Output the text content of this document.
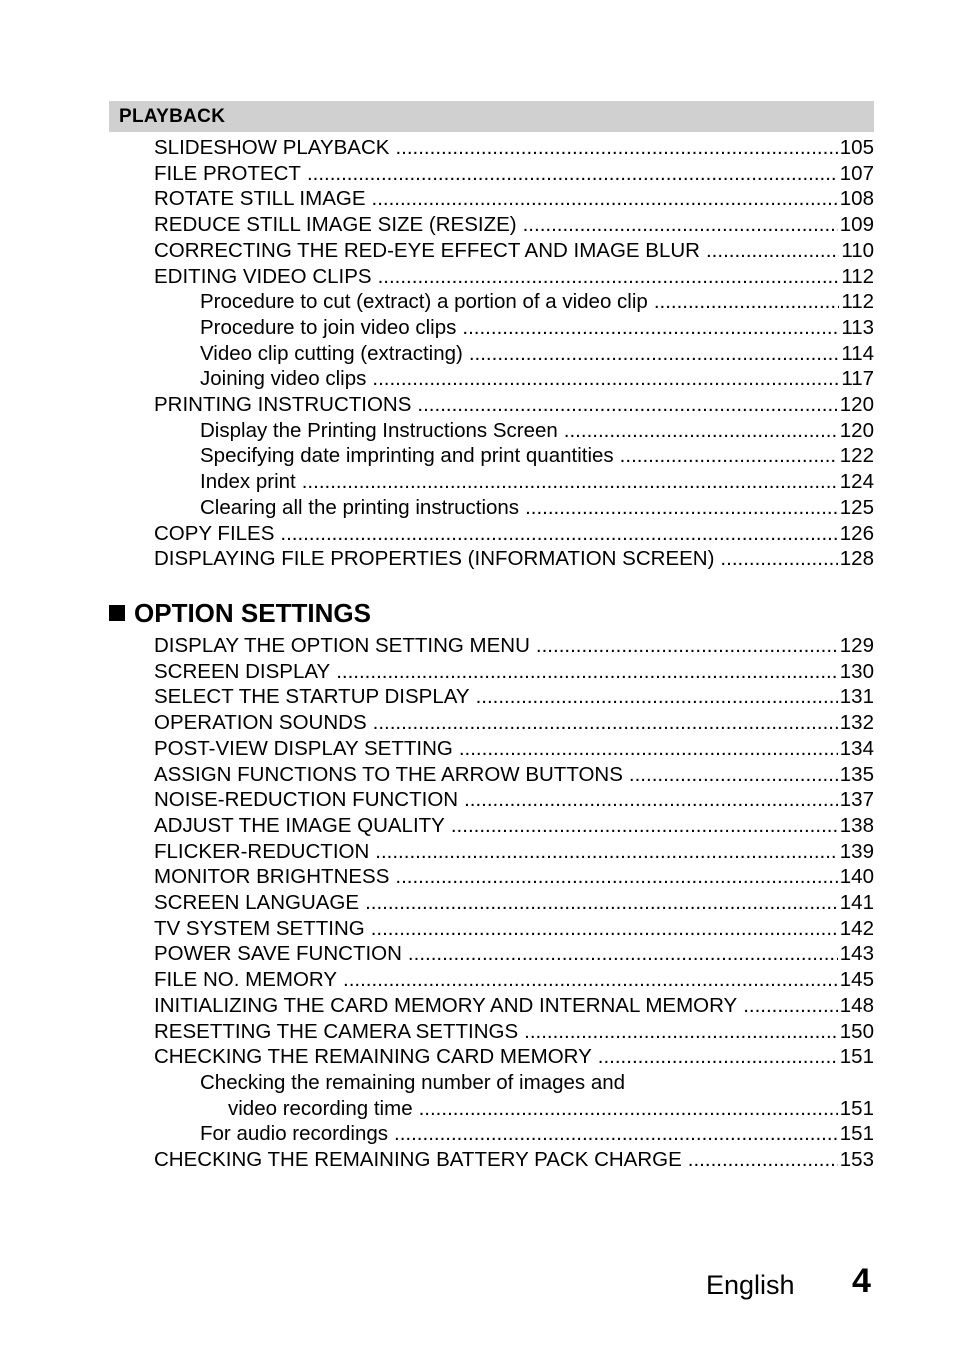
PLAYBACK
SLIDESHOW PLAYBACK .....	105
FILE PROTECT .....	107
ROTATE STILL IMAGE .....	108
REDUCE STILL IMAGE SIZE (RESIZE) .....	109
CORRECTING THE RED-EYE EFFECT AND IMAGE BLUR .....	110
EDITING VIDEO CLIPS .....	112
Procedure to cut (extract) a portion of a video clip .....	112
Procedure to join video clips .....	113
Video clip cutting (extracting) .....	114
Joining video clips .....	117
PRINTING INSTRUCTIONS .....	120
Display the Printing Instructions Screen .....	120
Specifying date imprinting and print quantities .....	122
Index print .....	124
Clearing all the printing instructions .....	125
COPY FILES .....	126
DISPLAYING FILE PROPERTIES (INFORMATION SCREEN) .....	128
OPTION SETTINGS
DISPLAY THE OPTION SETTING MENU .....	129
SCREEN DISPLAY .....	130
SELECT THE STARTUP DISPLAY .....	131
OPERATION SOUNDS .....	132
POST-VIEW DISPLAY SETTING .....	134
ASSIGN FUNCTIONS TO THE ARROW BUTTONS .....	135
NOISE-REDUCTION FUNCTION .....	137
ADJUST THE IMAGE QUALITY .....	138
FLICKER-REDUCTION .....	139
MONITOR BRIGHTNESS .....	140
SCREEN LANGUAGE .....	141
TV SYSTEM SETTING .....	142
POWER SAVE FUNCTION .....	143
FILE NO. MEMORY .....	145
INITIALIZING THE CARD MEMORY AND INTERNAL MEMORY .....	148
RESETTING THE CAMERA SETTINGS .....	150
CHECKING THE REMAINING CARD MEMORY .....	151
Checking the remaining number of images and
video recording time .....	151
For audio recordings .....	151
CHECKING THE REMAINING BATTERY PACK CHARGE .....	153
English 4
